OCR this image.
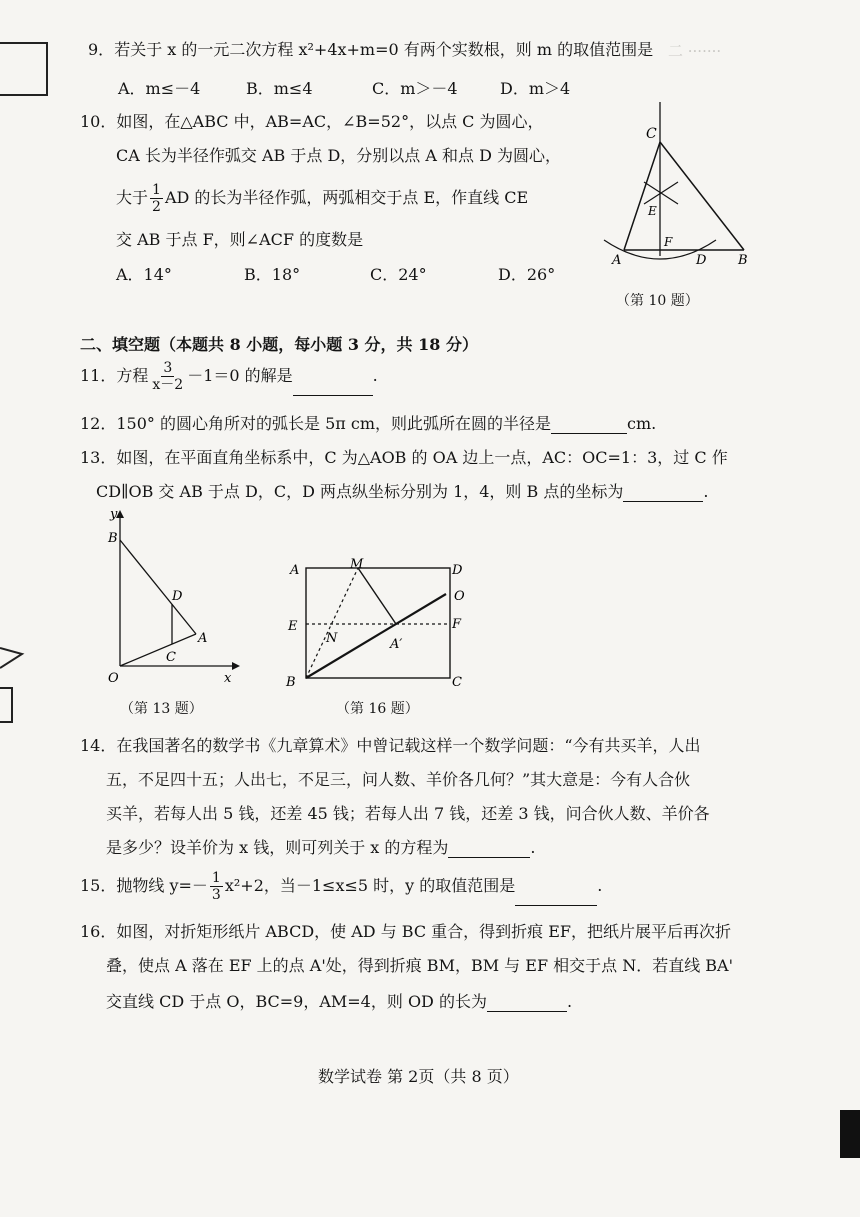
二 ·······
9．若关于 x 的一元二次方程 x²+4x+m=0 有两个实数根，则 m 的取值范围是
A．m≤－4	B．m≤4	C．m＞－4	D．m＞4
10．如图，在△ABC 中，AB=AC，∠B=52°，以点 C 为圆心，
CA 长为半径作弧交 AB 于点 D，分别以点 A 和点 D 为圆心，
大于 $\frac{1}{2}$ AD 的长为半径作弧，两弧相交于点 E，作直线 CE
交 AB 于点 F，则∠ACF 的度数是
A．14°	B．18°	C．24°	D．26°
C
E
F
A	D B
（第 10 题）
二、填空题（本题共 8 小题，每小题 3 分，共 18 分）
11．方程 $\frac{3}{x-2} -1=0$ 的解是	.
12．150° 的圆心角所对的弧长是 5π cm，则此弧所在圆的半径是	cm.
13．如图，在平面直角坐标系中，C 为△AOB 的 OA 边上一点，AC：OC=1：3，过 C 作
CD∥OB 交 AB 于点 D，C，D 两点纵坐标分别为 1，4，则 B 点的坐标为	.
y
B
D
A
C
O	x
（第 13 题）
A	M	D
O
E
N	A′
F
B	C
（第 16 题）
14．在我国著名的数学书《九章算术》中曾记载这样一个数学问题：“今有共买羊，人出
五，不足四十五；人出七，不足三，问人数、羊价各几何？”其大意是：今有人合伙
买羊，若每人出 5 钱，还差 45 钱；若每人出 7 钱，还差 3 钱，问合伙人数、羊价各
是多少？设羊价为 x 钱，则可列关于 x 的方程为	.
15．抛物线 $y=- \frac{1}{3} x^2+2$，当－1≤x≤5 时，y 的取值范围是	.
16．如图，对折矩形纸片 ABCD，使 AD 与 BC 重合，得到折痕 EF，把纸片展平后再次折
叠，使点 A 落在 EF 上的点 A'处，得到折痕 BM，BM 与 EF 相交于点 N．若直线 BA'
交直线 CD 于点 O，BC=9，AM=4，则 OD 的长为	.
数学试卷 第 2页（共 8 页）
